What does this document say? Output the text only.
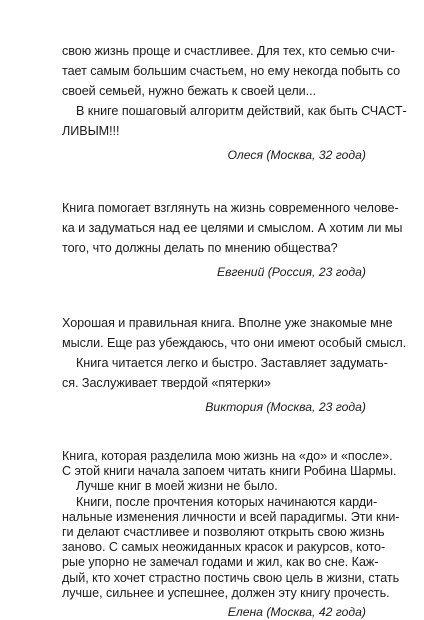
свою жизнь проще и счастливее. Для тех, кто семью счи-
тает самым большим счастьем, но ему некогда побыть со
своей семьей, нужно бежать к своей цели...
В книге пошаговый алгоритм действий, как быть СЧАСТ-
ЛИВЫМ!!!
Олеся (Москва, 32 года)
Книга помогает взглянуть на жизнь современного челове-
ка и задуматься над ее целями и смыслом. А хотим ли мы
того, что должны делать по мнению общества?
Евгений (Россия, 23 года)
Хорошая и правильная книга. Вполне уже знакомые мне
мысли. Еще раз убеждаюсь, что они имеют особый смысл.
Книга читается легко и быстро. Заставляет задумать-
ся. Заслуживает твердой «пятерки»
Виктория (Москва, 23 года)
Книга, которая разделила мою жизнь на «до» и «после».
С этой книги начала запоем читать книги Робина Шармы.
Лучше книг в моей жизни не было.
Книги, после прочтения которых начинаются карди-
нальные изменения личности и всей парадигмы. Эти кни-
ги делают счастливее и позволяют открыть свою жизнь
заново. С самых неожиданных красок и ракурсов, кото-
рые упорно не замечал годами и жил, как во сне. Каж-
дый, кто хочет страстно постичь свою цель в жизни, стать
лучше, сильнее и успешнее, должен эту книгу прочесть.
Елена (Москва, 42 года)
